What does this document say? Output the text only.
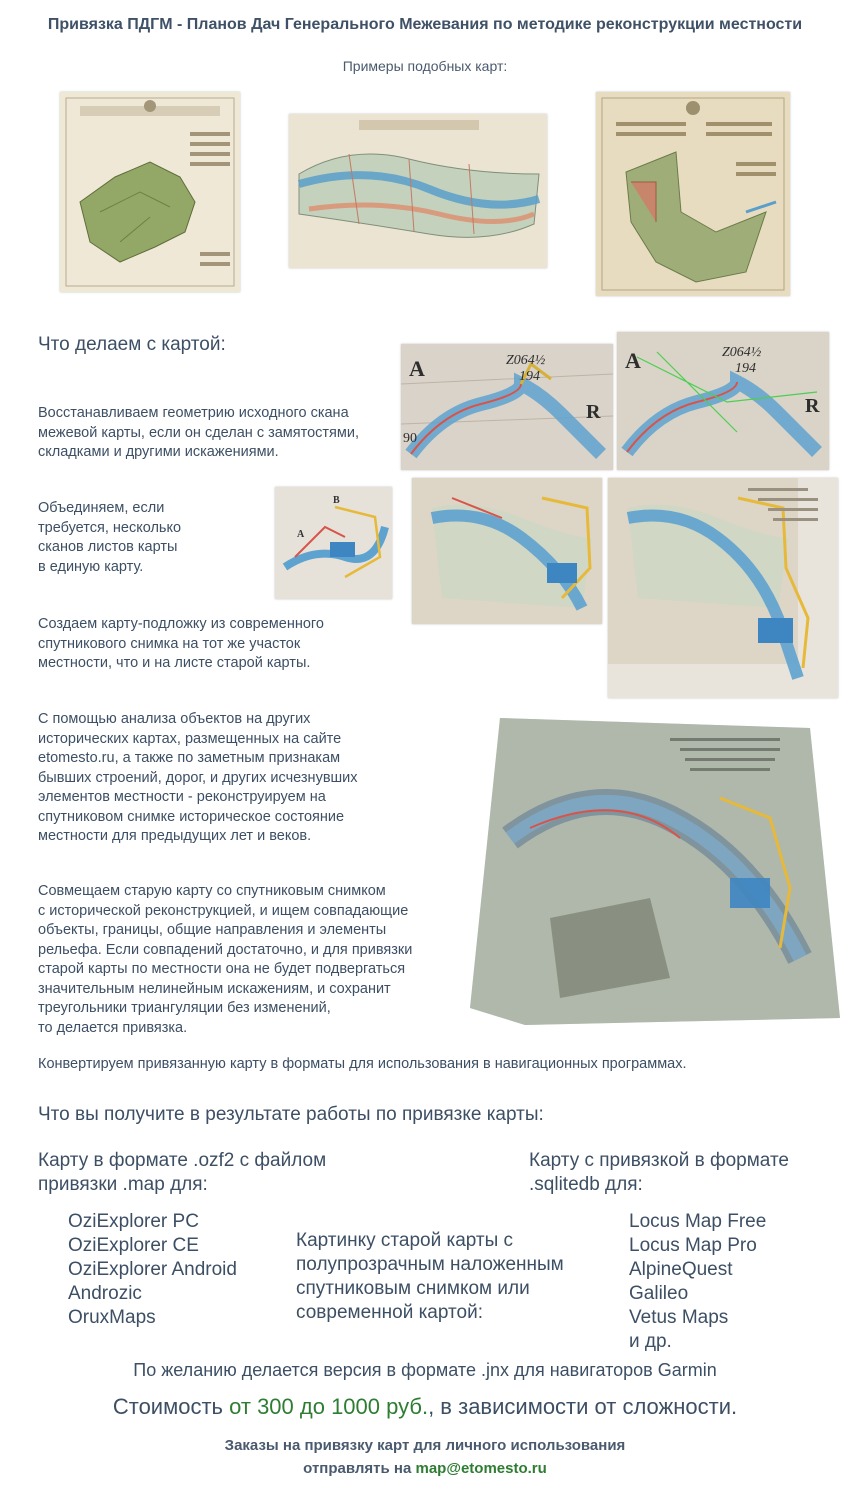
Привязка ПДГМ - Планов Дач Генерального Межевания по методике реконструкции местности
Примеры подобных карт:
Что делаем с картой:
Восстанавливаем геометрию исходного скана
межевой карты, если он сделан с замятостями,
складками и другими искажениями.
Объединяем, если
требуется, несколько
сканов листов карты
в единую карту.
Создаем карту-подложку из современного
спутникового снимка на тот же участок
местности, что и на листе старой карты.
С помощью анализа объектов на других
исторических картах, размещенных на сайте
etomesto.ru, а также по заметным признакам
бывших строений, дорог, и других исчезнувших
элементов местности - реконструируем на
спутниковом снимке историческое состояние
местности для предыдущих лет и веков.
Совмещаем старую карту со спутниковым снимком
с исторической реконструкцией, и ищем совпадающие
объекты, границы, общие направления и элементы
рельефа. Если совпадений достаточно, и для привязки
старой карты по местности она не будет подвергаться
значительным нелинейным искажениям, и сохранит
треугольники триангуляции без изменений,
то делается привязка.
Конвертируем привязанную карту в форматы для использования в навигационных программах.
A
R
Z064½
194
90
A
R
Z064½
194
B
A
Что вы получите в результате работы по привязке карты:
Карту в формате .ozf2 с файлом
привязки .map для:
OziExplorer PC
OziExplorer CE
OziExplorer Android
Androzic
OruxMaps
Картинку старой карты с
полупрозрачным наложенным
спутниковым снимком или
современной картой:
Карту с привязкой в формате
.sqlitedb для:
Locus Map Free
Locus Map Pro
AlpineQuest
Galileo
Vetus Maps
и др.
По желанию делается версия в формате .jnx для навигаторов Garmin
Стоимость от 300 до 1000 руб., в зависимости от сложности.
Заказы на привязку карт для личного использования
отправлять на map@etomesto.ru
